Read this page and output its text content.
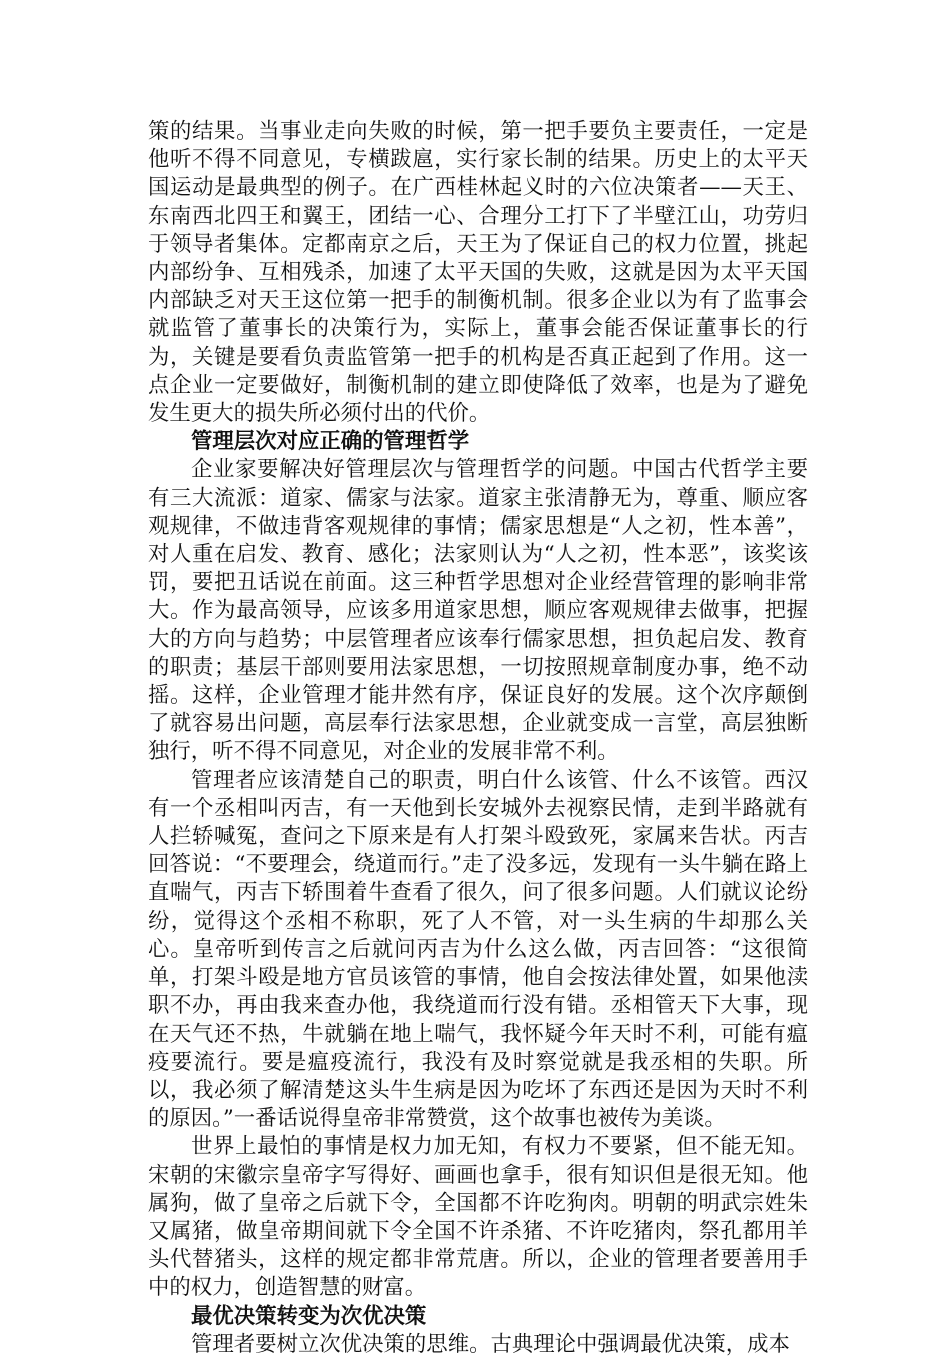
策的结果。当事业走向失败的时候，第一把手要负主要责任，一定是他听不得不同意见，专横跋扈，实行家长制的结果。历史上的太平天国运动是最典型的例子。在广西桂林起义时的六位决策者——天王、东南西北四王和翼王，团结一心、合理分工打下了半壁江山，功劳归于领导者集体。定都南京之后，天王为了保证自己的权力位置，挑起内部纷争、互相残杀，加速了太平天国的失败，这就是因为太平天国内部缺乏对天王这位第一把手的制衡机制。很多企业以为有了监事会就监管了董事长的决策行为，实际上，董事会能否保证董事长的行为，关键是要看负责监管第一把手的机构是否真正起到了作用。这一点企业一定要做好，制衡机制的建立即使降低了效率，也是为了避免发生更大的损失所必须付出的代价。

管理层次对应正确的管理哲学

企业家要解决好管理层次与管理哲学的问题。中国古代哲学主要有三大流派：道家、儒家与法家。道家主张清静无为，尊重、顺应客观规律，不做违背客观规律的事情；儒家思想是“人之初，性本善”，对人重在启发、教育、感化；法家则认为“人之初，性本恶”，该奖该罚，要把丑话说在前面。这三种哲学思想对企业经营管理的影响非常大。作为最高领导，应该多用道家思想，顺应客观规律去做事，把握大的方向与趋势；中层管理者应该奉行儒家思想，担负起启发、教育的职责；基层干部则要用法家思想，一切按照规章制度办事，绝不动摇。这样，企业管理才能井然有序，保证良好的发展。这个次序颠倒了就容易出问题，高层奉行法家思想，企业就变成一言堂，高层独断独行，听不得不同意见，对企业的发展非常不利。

管理者应该清楚自己的职责，明白什么该管、什么不该管。西汉有一个丞相叫丙吉，有一天他到长安城外去视察民情，走到半路就有人拦轿喊冤，查问之下原来是有人打架斗殴致死，家属来告状。丙吉回答说：“不要理会，绕道而行。”走了没多远，发现有一头牛躺在路上直喘气，丙吉下轿围着牛查看了很久，问了很多问题。人们就议论纷纷，觉得这个丞相不称职，死了人不管，对一头生病的牛却那么关心。皇帝听到传言之后就问丙吉为什么这么做，丙吉回答：“这很简单，打架斗殴是地方官员该管的事情，他自会按法律处置，如果他渎职不办，再由我来查办他，我绕道而行没有错。丞相管天下大事，现在天气还不热，牛就躺在地上喘气，我怀疑今年天时不利，可能有瘟疫要流行。要是瘟疫流行，我没有及时察觉就是我丞相的失职。所以，我必须了解清楚这头牛生病是因为吃坏了东西还是因为天时不利的原因。”一番话说得皇帝非常赞赏，这个故事也被传为美谈。

世界上最怕的事情是权力加无知，有权力不要紧，但不能无知。宋朝的宋徽宗皇帝字写得好、画画也拿手，很有知识但是很无知。他属狗，做了皇帝之后就下令，全国都不许吃狗肉。明朝的明武宗姓朱又属猪，做皇帝期间就下令全国不许杀猪、不许吃猪肉，祭孔都用羊头代替猪头，这样的规定都非常荒唐。所以，企业的管理者要善用手中的权力，创造智慧的财富。

最优决策转变为次优决策

管理者要树立次优决策的思维。古典理论中强调最优决策，成本
